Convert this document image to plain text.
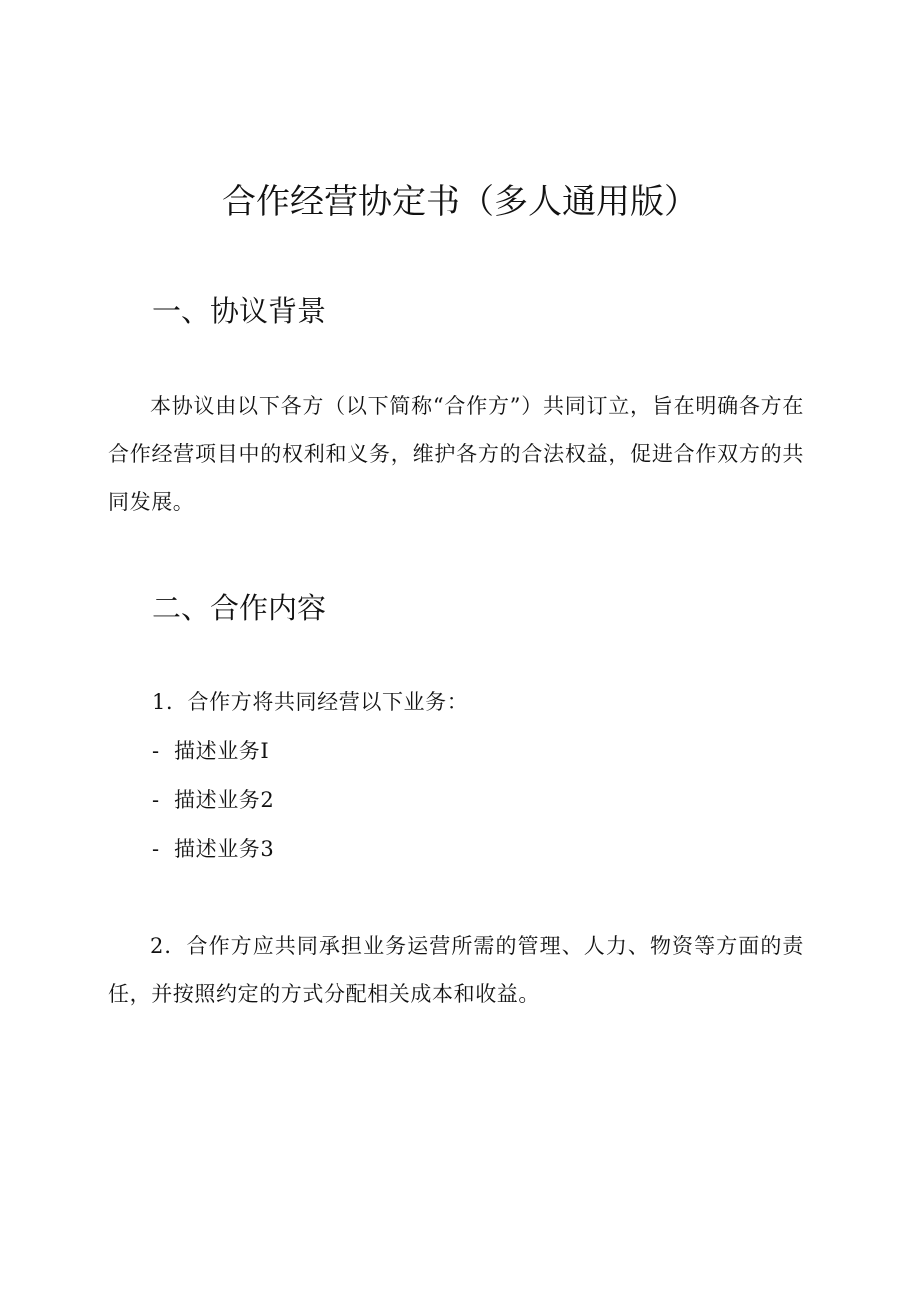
合作经营协定书（多人通用版）
一、协议背景

本协议由以下各方（以下简称“合作方”）共同订立，旨在明确各方在合作经营项目中的权利和义务，维护各方的合法权益，促进合作双方的共同发展。

二、合作内容
1．合作方将共同经营以下业务：
- 描述业务I
- 描述业务2
- 描述业务3

2．合作方应共同承担业务运营所需的管理、人力、物资等方面的责任，并按照约定的方式分配相关成本和收益。
